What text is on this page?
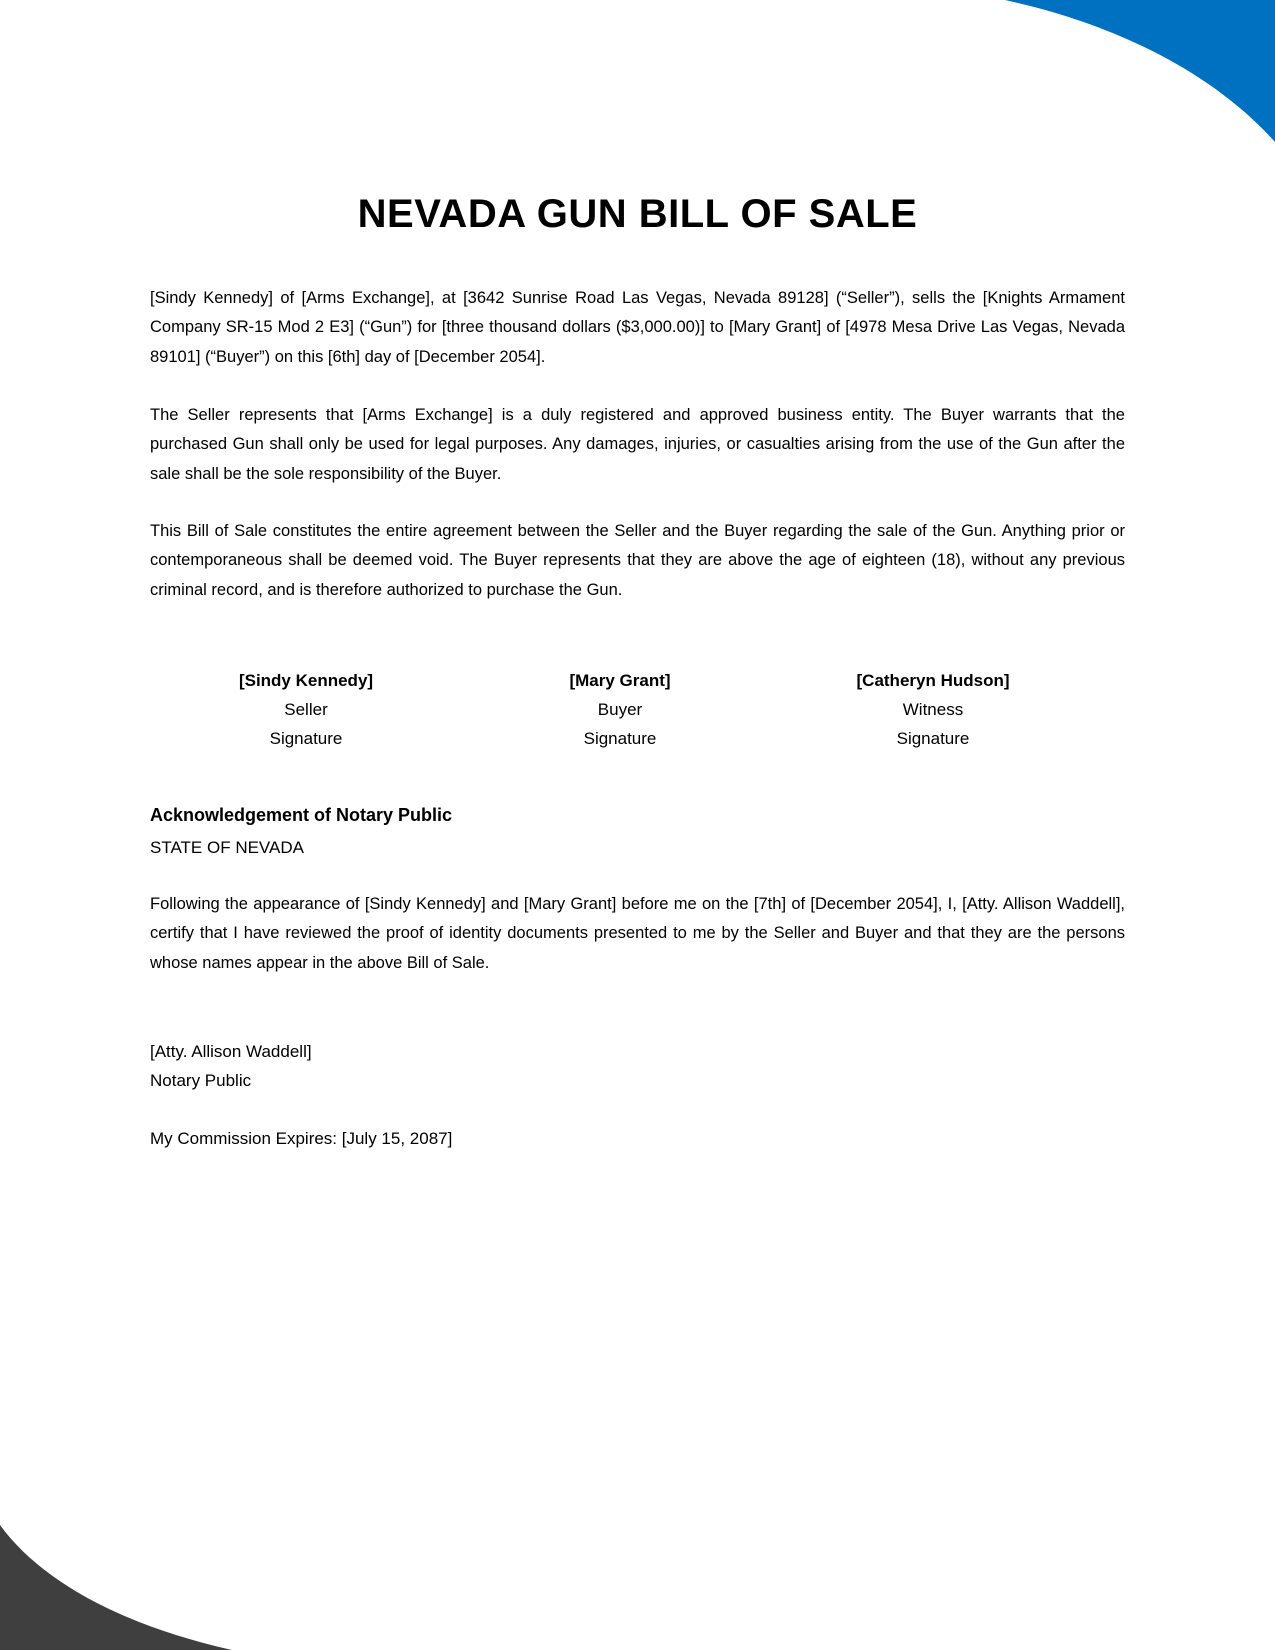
NEVADA GUN BILL OF SALE

[Sindy Kennedy] of [Arms Exchange], at [3642 Sunrise Road Las Vegas, Nevada 89128] (“Seller”), sells the [Knights Armament Company SR-15 Mod 2 E3] (“Gun”) for [three thousand dollars ($3,000.00)] to [Mary Grant] of [4978 Mesa Drive Las Vegas, Nevada 89101] (“Buyer”) on this [6th] day of [December 2054].

The Seller represents that [Arms Exchange] is a duly registered and approved business entity. The Buyer warrants that the purchased Gun shall only be used for legal purposes. Any damages, injuries, or casualties arising from the use of the Gun after the sale shall be the sole responsibility of the Buyer.

This Bill of Sale constitutes the entire agreement between the Seller and the Buyer regarding the sale of the Gun. Anything prior or contemporaneous shall be deemed void. The Buyer represents that they are above the age of eighteen (18), without any previous criminal record, and is therefore authorized to purchase the Gun.

[Sindy Kennedy]
Seller
Signature
[Mary Grant]
Buyer
Signature
[Catheryn Hudson]
Witness
Signature

Acknowledgement of Notary Public

STATE OF NEVADA

Following the appearance of [Sindy Kennedy] and [Mary Grant] before me on the [7th] of [December 2054], I, [Atty. Allison Waddell], certify that I have reviewed the proof of identity documents presented to me by the Seller and Buyer and that they are the persons whose names appear in the above Bill of Sale.

[Atty. Allison Waddell]

Notary Public

My Commission Expires: [July 15, 2087]
